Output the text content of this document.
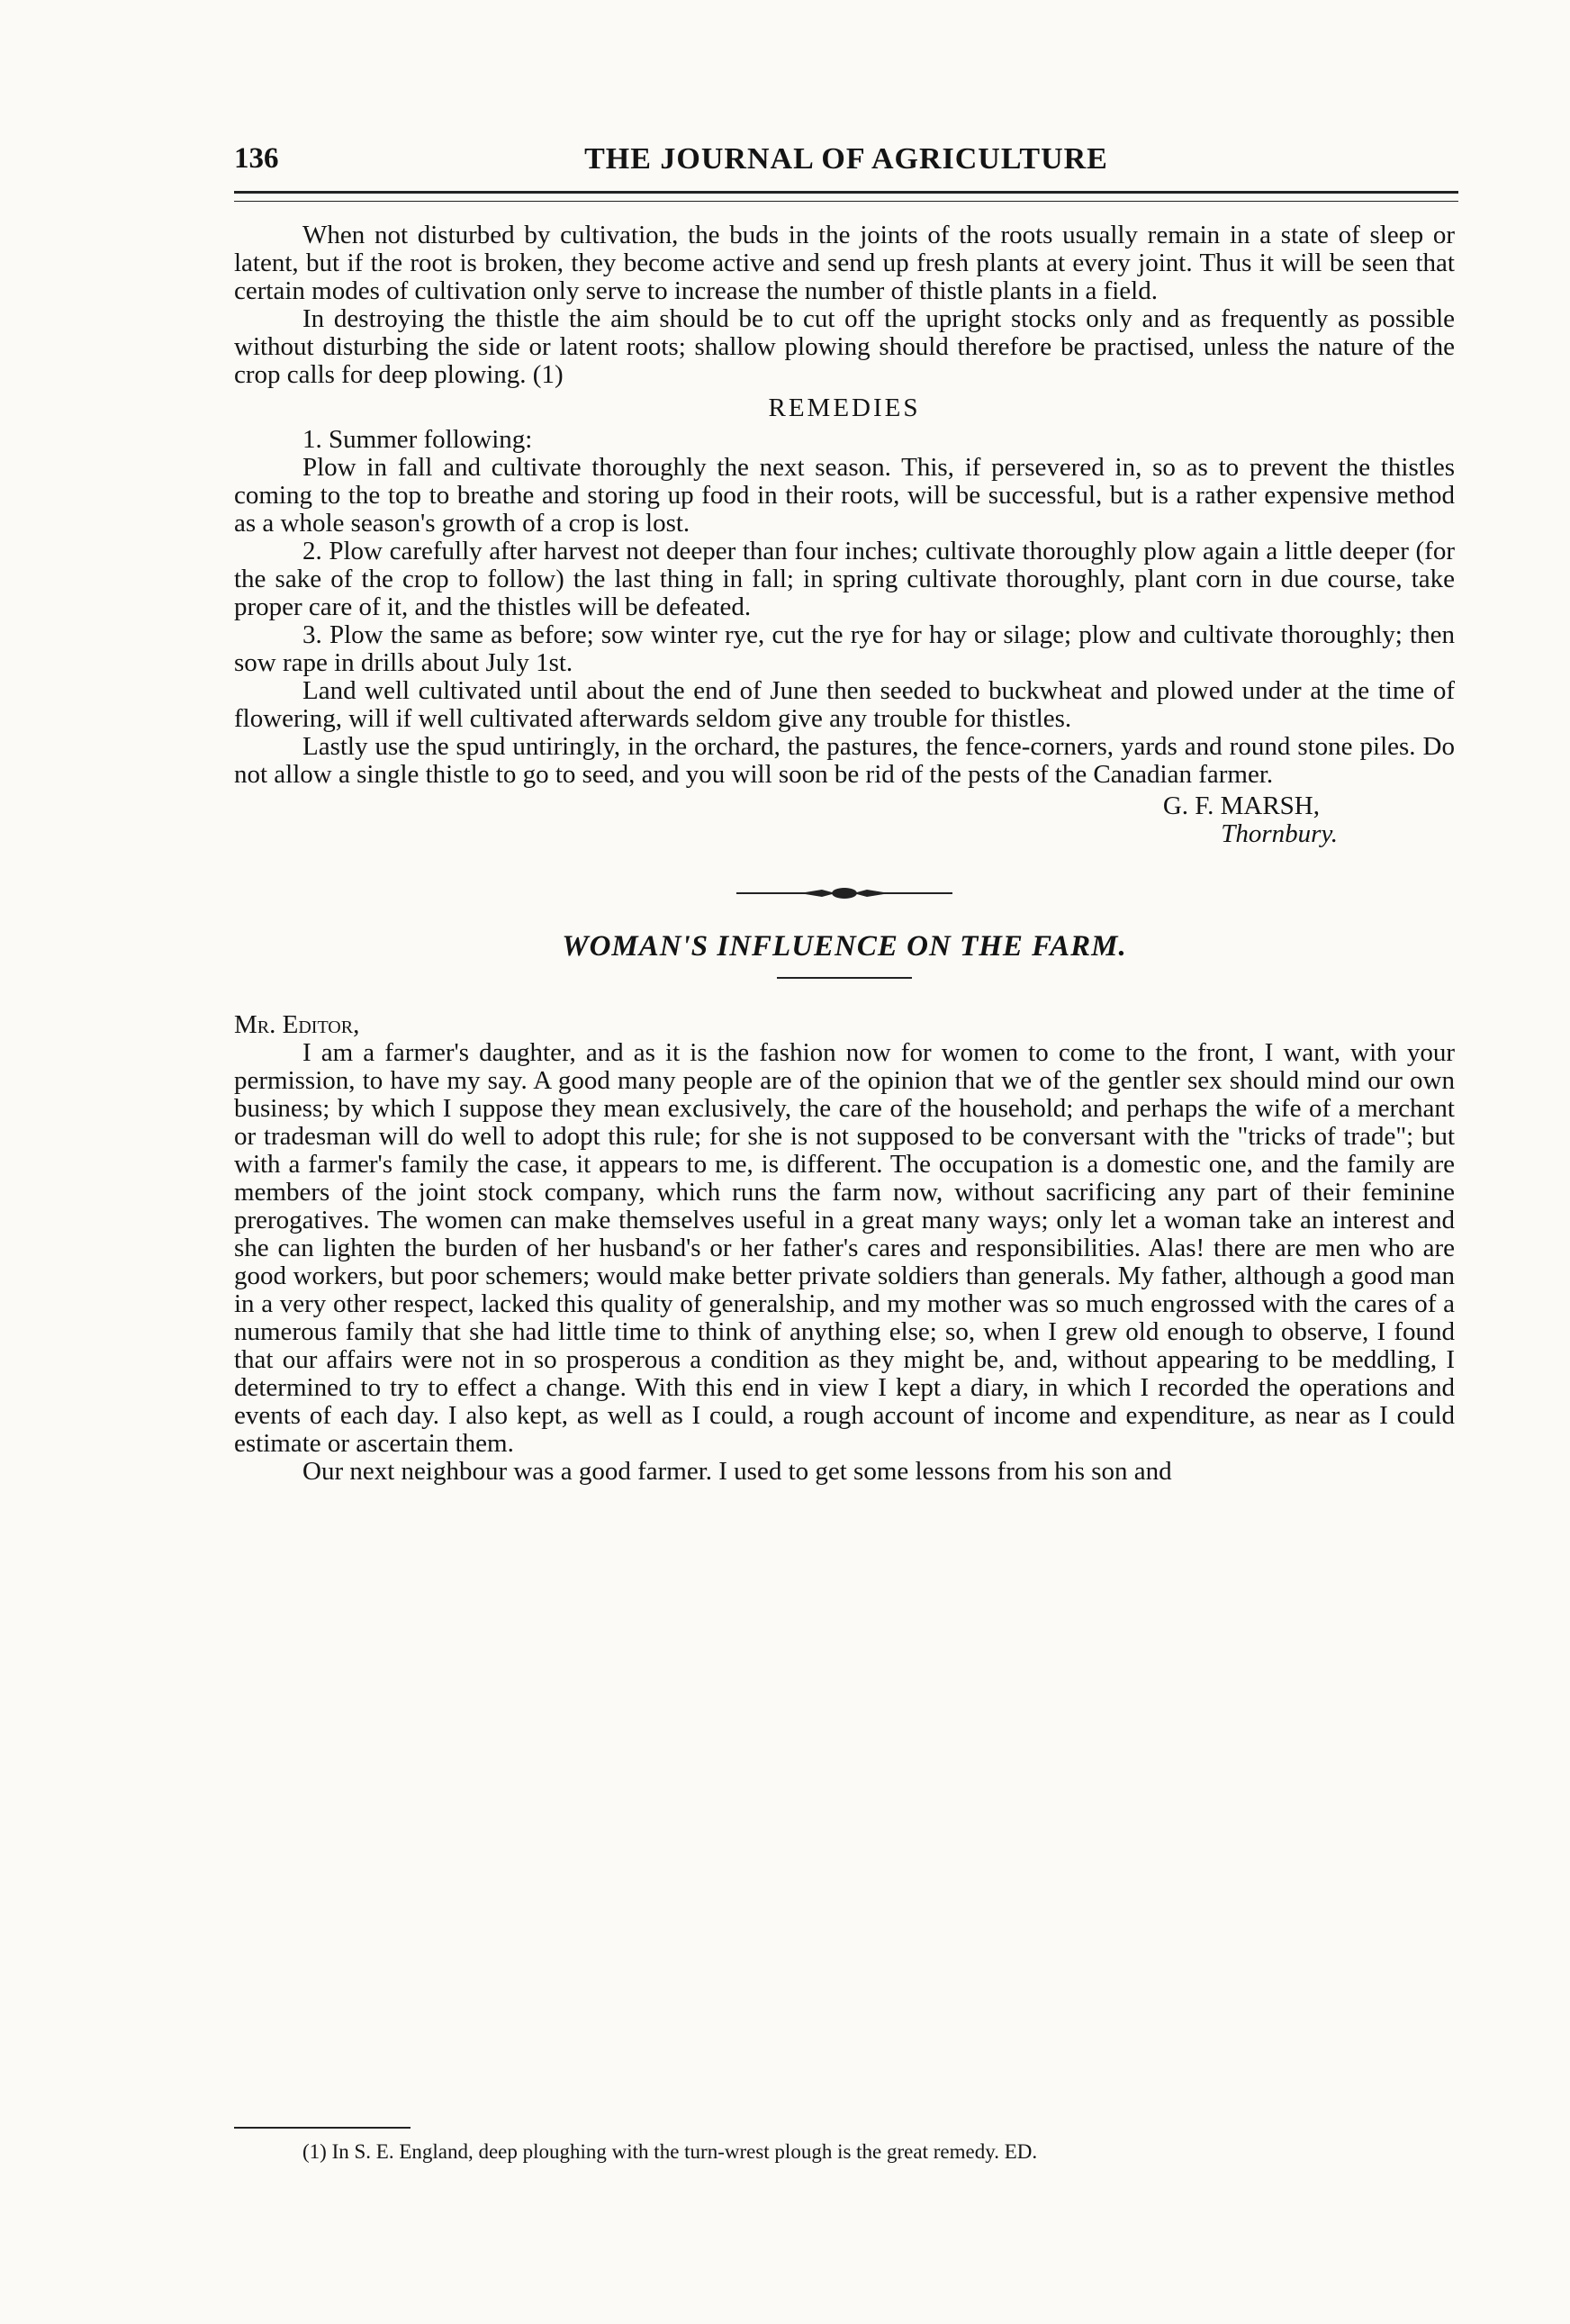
136	THE JOURNAL OF AGRICULTURE

When not disturbed by cultivation, the buds in the joints of the roots usually remain in a state of sleep or latent, but if the root is broken, they become active and send up fresh plants at every joint. Thus it will be seen that certain modes of cultivation only serve to increase the number of thistle plants in a field.

In destroying the thistle the aim should be to cut off the upright stocks only and as frequently as possible without disturbing the side or latent roots; shallow plowing should therefore be practised, unless the nature of the crop calls for deep plowing. (1)

REMEDIES

1. Summer following:

Plow in fall and cultivate thoroughly the next season. This, if persevered in, so as to prevent the thistles coming to the top to breathe and storing up food in their roots, will be successful, but is a rather expensive method as a whole season's growth of a crop is lost.

2. Plow carefully after harvest not deeper than four inches; cultivate thoroughly plow again a little deeper (for the sake of the crop to follow) the last thing in fall; in spring cultivate thoroughly, plant corn in due course, take proper care of it, and the thistles will be defeated.

3. Plow the same as before; sow winter rye, cut the rye for hay or silage; plow and cultivate thoroughly; then sow rape in drills about July 1st.

Land well cultivated until about the end of June then seeded to buckwheat and plowed under at the time of flowering, will if well cultivated afterwards seldom give any trouble for thistles.

Lastly use the spud untiringly, in the orchard, the pastures, the fence-corners, yards and round stone piles. Do not allow a single thistle to go to seed, and you will soon be rid of the pests of the Canadian farmer.

G. F. MARSH,
Thornbury.
WOMAN'S INFLUENCE ON THE FARM.

Mr. Editor,

I am a farmer's daughter, and as it is the fashion now for women to come to the front, I want, with your permission, to have my say. A good many people are of the opinion that we of the gentler sex should mind our own business; by which I suppose they mean exclusively, the care of the household; and perhaps the wife of a merchant or tradesman will do well to adopt this rule; for she is not supposed to be conversant with the "tricks of trade"; but with a farmer's family the case, it appears to me, is different. The occupation is a domestic one, and the family are members of the joint stock company, which runs the farm now, without sacrificing any part of their feminine prerogatives. The women can make themselves useful in a great many ways; only let a woman take an interest and she can lighten the burden of her husband's or her father's cares and responsibilities. Alas! there are men who are good workers, but poor schemers; would make better private soldiers than generals. My father, although a good man in a very other respect, lacked this quality of generalship, and my mother was so much engrossed with the cares of a numerous family that she had little time to think of anything else; so, when I grew old enough to observe, I found that our affairs were not in so prosperous a condition as they might be, and, without appearing to be meddling, I determined to try to effect a change. With this end in view I kept a diary, in which I recorded the operations and events of each day. I also kept, as well as I could, a rough account of income and expenditure, as near as I could estimate or ascertain them.

Our next neighbour was a good farmer. I used to get some lessons from his son and

(1) In S. E. England, deep ploughing with the turn-wrest plough is the great remedy. ED.
